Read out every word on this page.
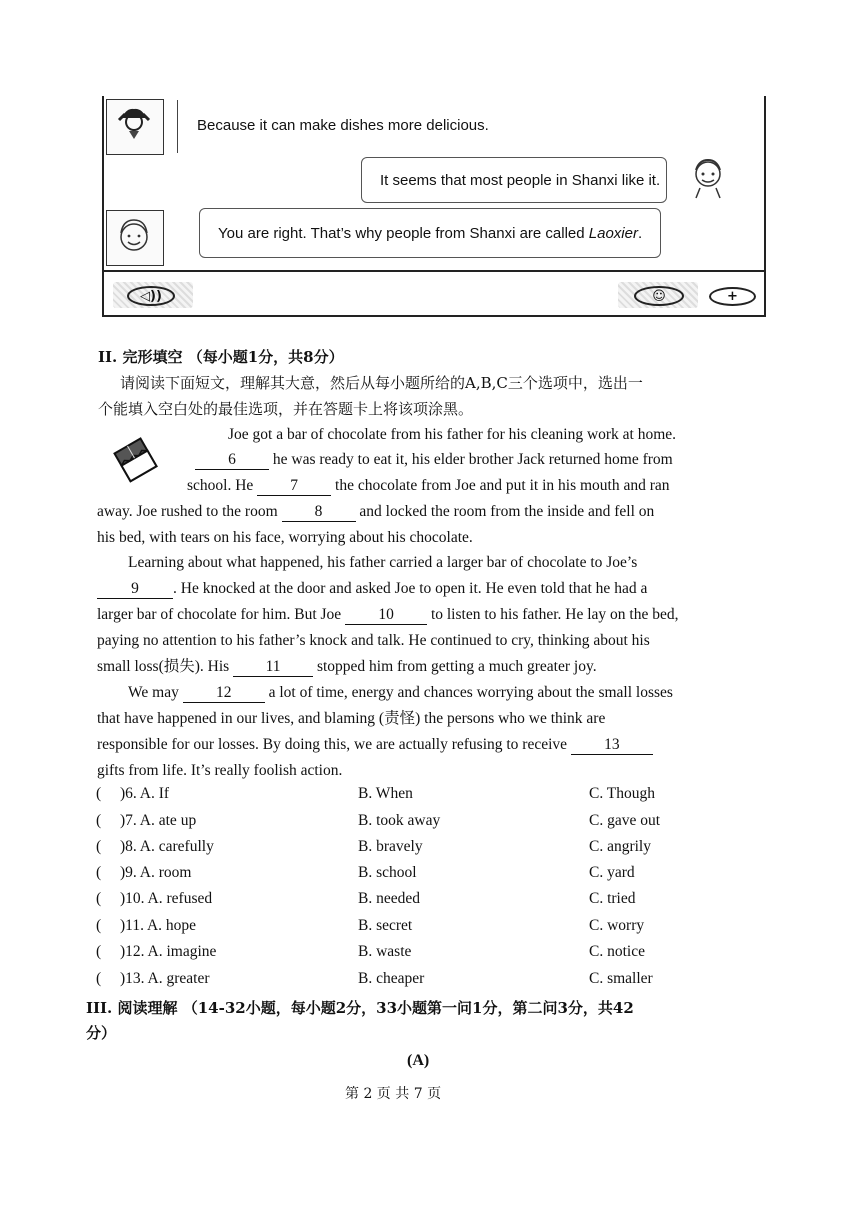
Because it can make dishes more delicious.
It seems that most people in Shanxi like it.
You are right. That’s why people from Shanxi are called Laoxier.
◁))	☺	+
II. 完形填空 （每小题1分，共8分）
请阅读下面短文，理解其大意，然后从每小题所给的A,B,C三个选项中，选出一
个能填入空白处的最佳选项，并在答题卡上将该项涂黑。
Joe got a bar of chocolate from his father for his cleaning work at home.
6 he was ready to eat it, his elder brother Jack returned home from
school. He 7 the chocolate from Joe and put it in his mouth and ran
away. Joe rushed to the room 8 and locked the room from the inside and fell on
his bed, with tears on his face, worrying about his chocolate.
Learning about what happened, his father carried a larger bar of chocolate to Joe’s
9 . He knocked at the door and asked Joe to open it. He even told that he had a
larger bar of chocolate for him. But Joe 10 to listen to his father. He lay on the bed,
paying no attention to his father’s knock and talk. He continued to cry, thinking about his
small loss(损失). His 11 stopped him from getting a much greater joy.
We may 12 a lot of time, energy and chances worrying about the small losses
that have happened in our lives, and blaming (责怪) the persons who we think are
responsible for our losses. By doing this, we are actually refusing to receive 13
gifts from life. It’s really foolish action.
( )6. A. If	B. When	C. Though
( )7. A. ate up	B. took away	C. gave out
( )8. A. carefully	B. bravely	C. angrily
( )9. A. room	B. school	C. yard
( )10. A. refused	B. needed	C. tried
( )11. A. hope	B. secret	C. worry
( )12. A. imagine	B. waste	C. notice
( )13. A. greater	B. cheaper	C. smaller
III. 阅读理解 （14-32小题，每小题2分，33小题第一问1分，第二问3分，共42
分）
(A)
第 2 页 共 7 页
